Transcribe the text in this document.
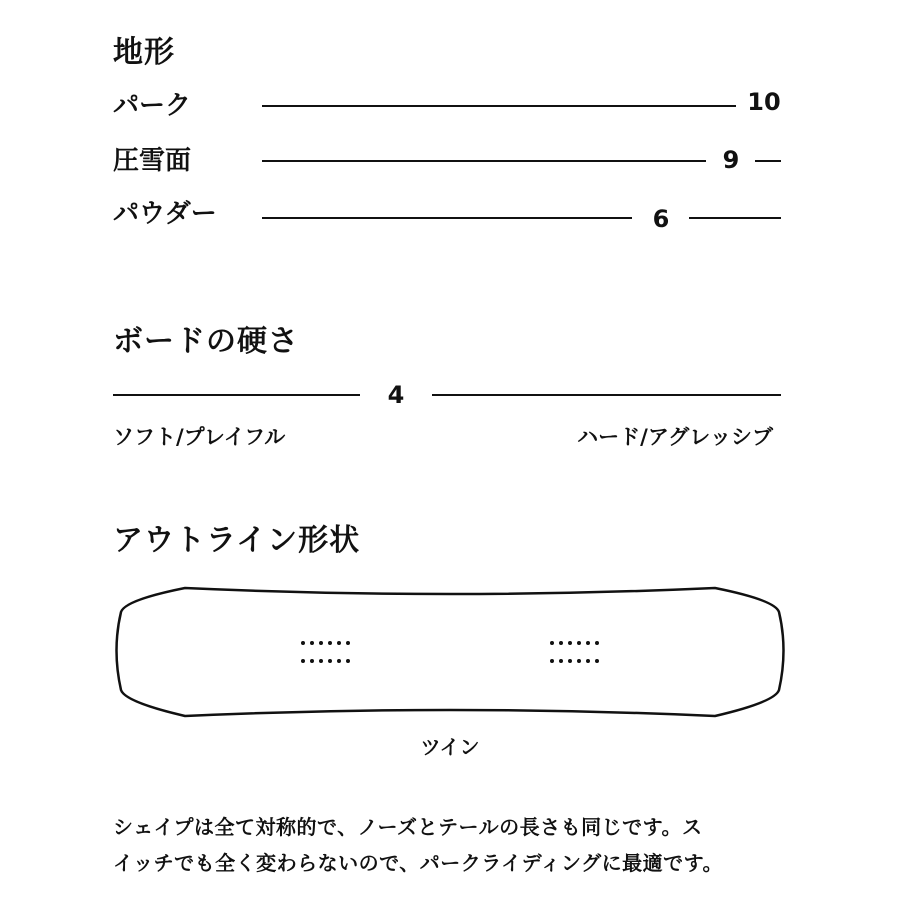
地形
パーク	10
圧雪面	9
パウダー	6
ボードの硬さ
4
ソフト/プレイフル	ハード/アグレッシブ
アウトライン形状
ツイン
シェイプは全て対称的で、ノーズとテールの長さも同じです。ス
イッチでも全く変わらないので、パークライディングに最適です。
